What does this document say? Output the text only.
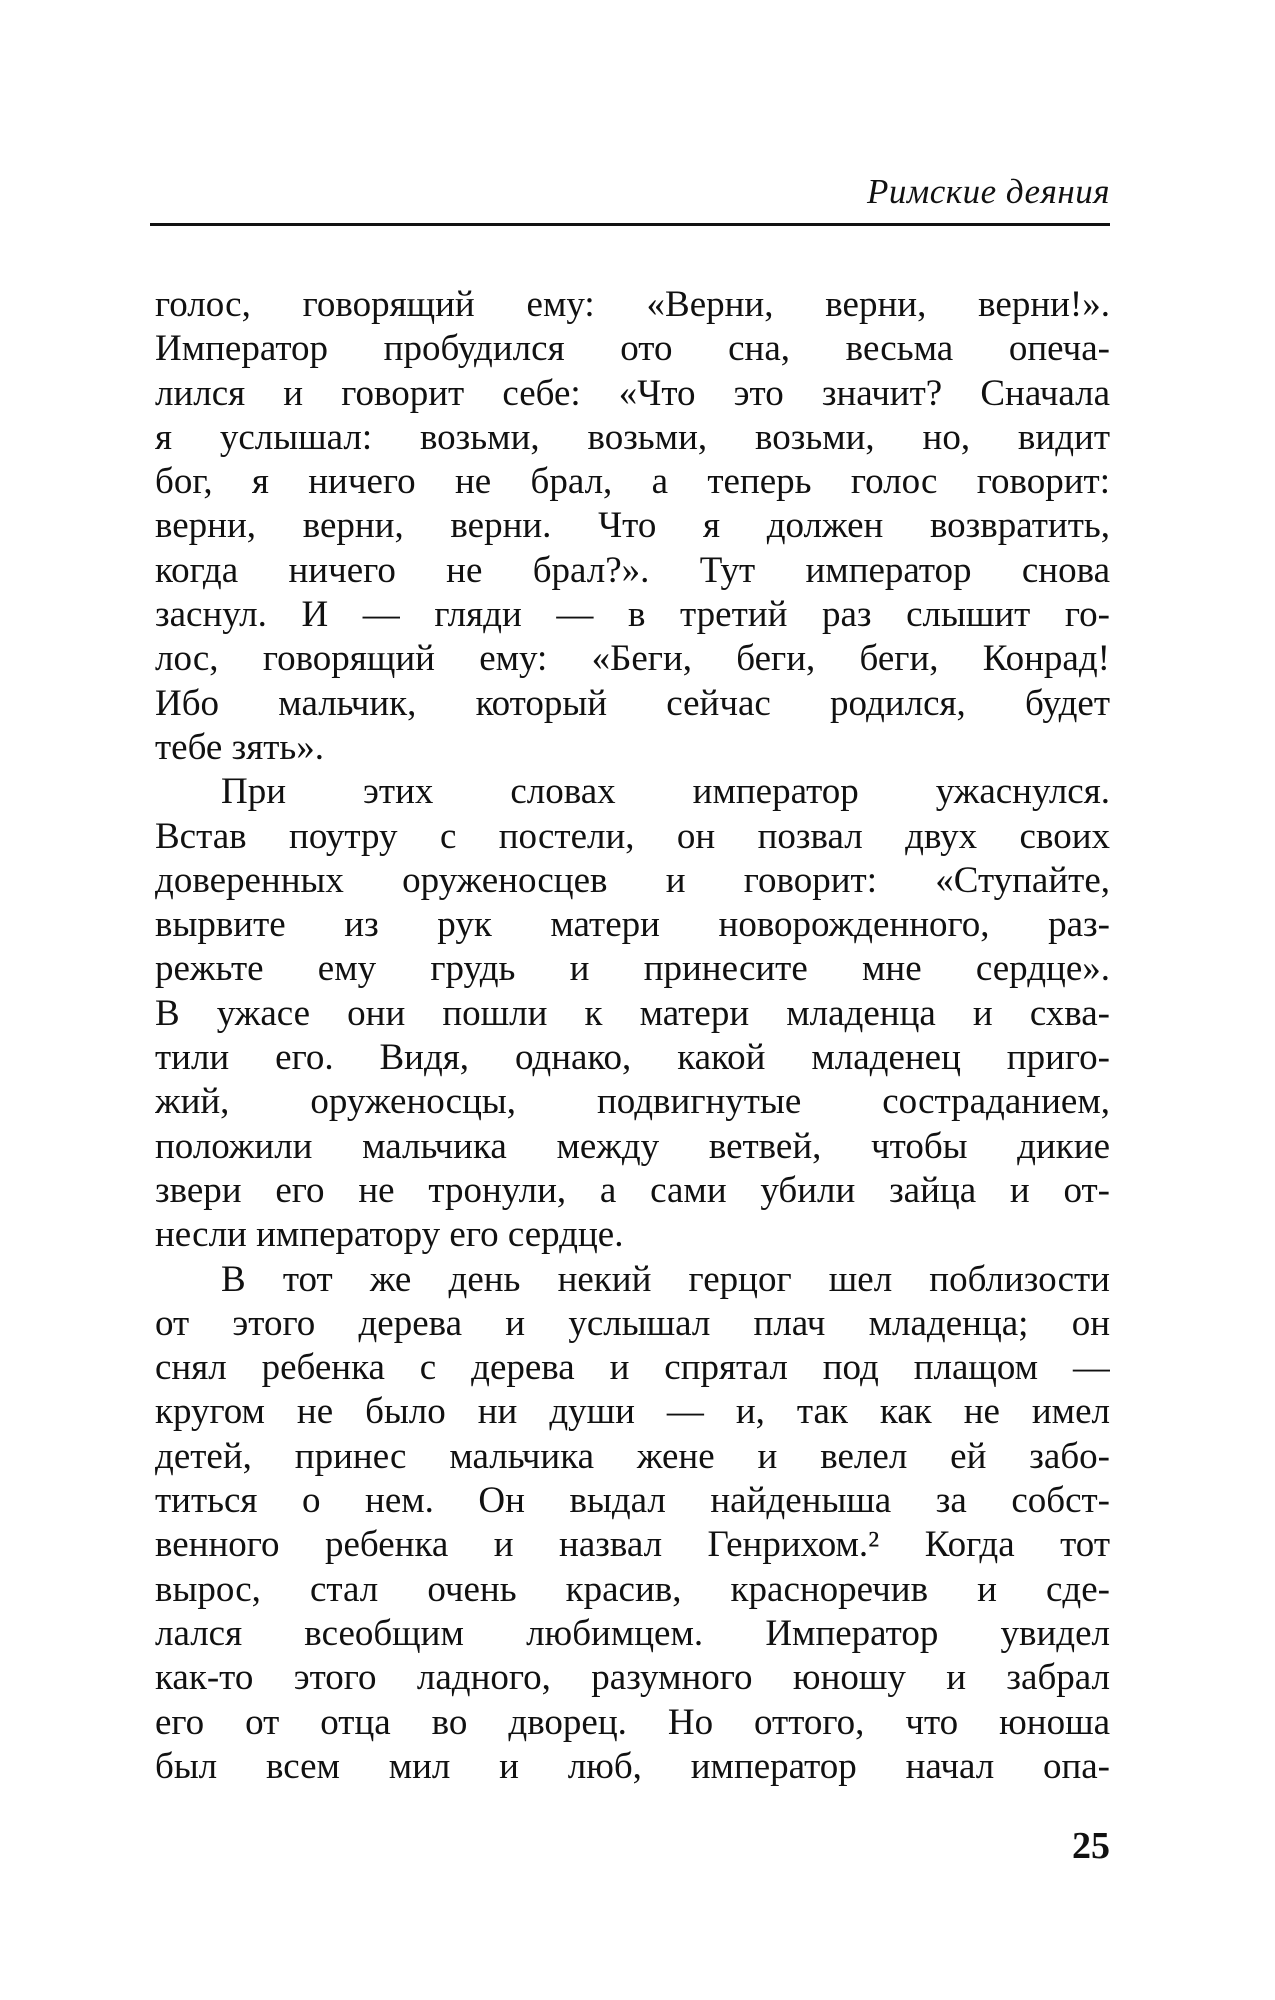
Римские деяния
голос, говорящий ему: «Верни, верни, верни!».
Император пробудился ото сна, весьма опеча-
лился и говорит себе: «Что это значит? Сначала
я услышал: возьми, возьми, возьми, но, видит
бог, я ничего не брал, а теперь голос говорит:
верни, верни, верни. Что я должен возвратить,
когда ничего не брал?». Тут император снова
заснул. И — гляди — в третий раз слышит го-
лос, говорящий ему: «Беги, беги, беги, Конрад!
Ибо мальчик, который сейчас родился, будет
тебе зять».
При этих словах император ужаснулся.
Встав поутру с постели, он позвал двух своих
доверенных оруженосцев и говорит: «Ступайте,
вырвите из рук матери новорожденного, раз-
режьте ему грудь и принесите мне сердце».
В ужасе они пошли к матери младенца и схва-
тили его. Видя, однако, какой младенец приго-
жий, оруженосцы, подвигнутые состраданием,
положили мальчика между ветвей, чтобы дикие
звери его не тронули, а сами убили зайца и от-
несли императору его сердце.
В тот же день некий герцог шел поблизости
от этого дерева и услышал плач младенца; он
снял ребенка с дерева и спрятал под плащом —
кругом не было ни души — и, так как не имел
детей, принес мальчика жене и велел ей забо-
титься о нем. Он выдал найденыша за собст-
венного ребенка и назвал Генрихом.² Когда тот
вырос, стал очень красив, красноречив и сде-
лался всеобщим любимцем. Император увидел
как-то этого ладного, разумного юношу и забрал
его от отца во дворец. Но оттого, что юноша
был всем мил и люб, император начал опа-
25
